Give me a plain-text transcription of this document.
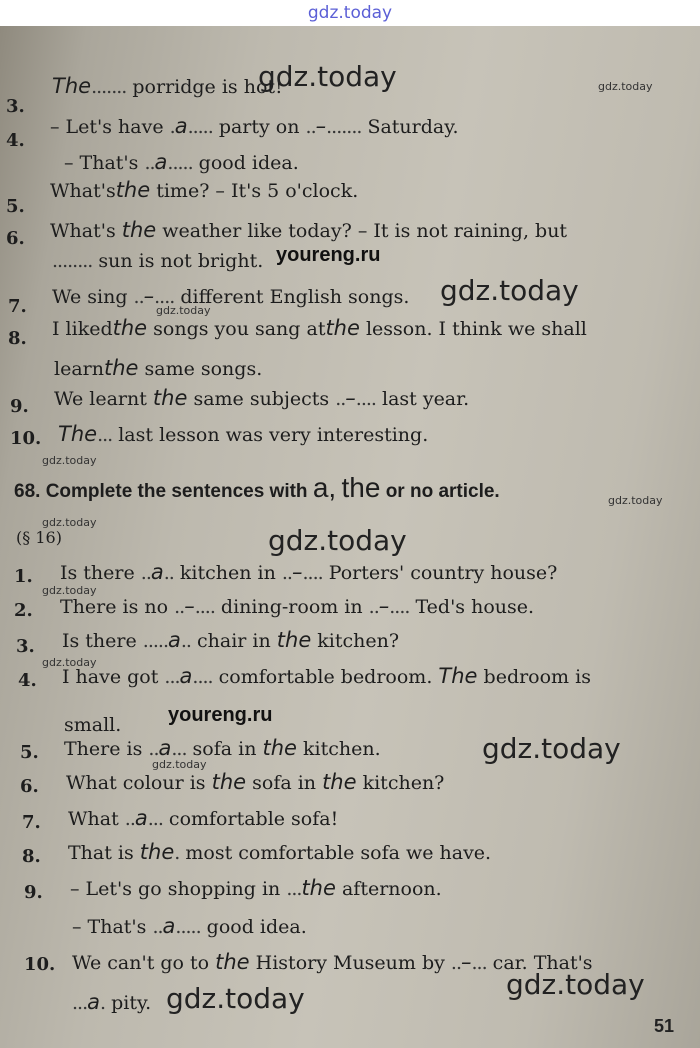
gdz.today
3.
The....... porridge is hot!
4.
– Let's have .a..... party on ..–....... Saturday.
– That's ..a..... good idea.
5.
What'sthe time? – It's 5 o'clock.
6. What's the weather like today? – It is not raining, but
........ sun is not bright. youreng.ru
7. We sing ..–.... different English songs.
8. I likedthe songs you sang atthe lesson. I think we shall
learnthe same songs.
9. We learnt the same subjects ..–.... last year.
10. The... last lesson was very interesting.
68. Complete the sentences with a, the or no article.
(§ 16)
1. Is there ..a.. kitchen in ..–.... Porters' country house?
2. There is no ..–.... dining-room in ..–.... Ted's house.
3. Is there .....a.. chair in the kitchen?
4. I have got ...a.... comfortable bedroom. The bedroom is
small. youreng.ru
5. There is ..a... sofa in the kitchen.
6. What colour is the sofa in the kitchen?
7. What ..a... comfortable sofa!
8. That is the. most comfortable sofa we have.
9. – Let's go shopping in ...the afternoon.
– That's ..a..... good idea.
10. We can't go to the History Museum by ..–... car. That's
...a. pity.
51
gdz.today	gdz.today
gdz.today
gdz.today
gdz.today
gdz.today
gdz.today
gdz.today
gdz.today
gdz.today
gdz.today
gdz.today
gdz.today	gdz.today
